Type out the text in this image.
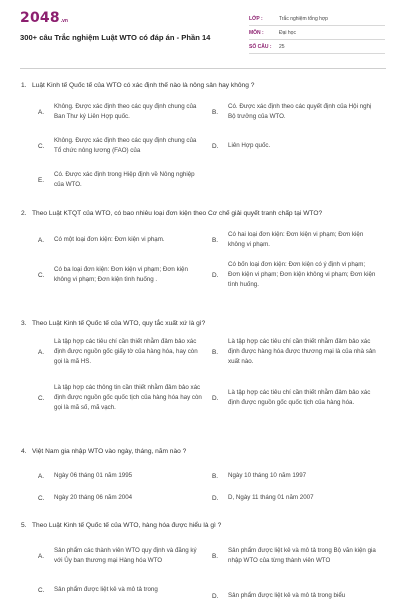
2048 .vn
300+ câu Trắc nghiệm Luật WTO có đáp án - Phần 14
LỚP :	Trắc nghiệm tổng hợp
MÔN :	Đại học
SỐ CÂU :	25
1. Luật Kinh tế Quốc tế của WTO có xác định thế nào là nông sản hay không ?
A.
Không. Được xác định theo các quy định chung của Ban Thư ký Liên Hợp quốc.
B.
Có. Được xác định theo các quyết định của Hội nghị Bộ trưởng của WTO.
C.
Không. Được xác định theo các quy định chung của Tổ chức nông lương (FAO) của
D.	Liên Hợp quốc.
E.
Có. Được xác định trong Hiệp định về Nông nghiệp của WTO.
2. Theo Luật KTQT của WTO, có bao nhiêu loại đơn kiện theo Cơ chế giải quyết tranh chấp tại WTO?
A.	Có một loại đơn kiện: Đơn kiện vi phạm.	B.
Có hai loại đơn kiện: Đơn kiện vi phạm; Đơn kiện không vi phạm.
C.
Có ba loại đơn kiện: Đơn kiện vi phạm; Đơn kiện không vi phạm; Đơn kiện tình huống .
D.
Có bốn loại đơn kiện: Đơn kiện có ý định vi phạm; Đơn kiện vi phạm; Đơn kiện không vi phạm; Đơn kiện tình huống.
3. Theo Luật Kinh tế Quốc tế của WTO, quy tắc xuất xứ là gì?
A.
Là tập hợp các tiêu chí cần thiết nhằm đảm bảo xác định được nguồn gốc giấy tờ của hàng hóa, hay còn gọi là mã HS.
B.
Là tập hợp các tiêu chí cần thiết nhằm đảm bảo xác định được hàng hóa được thương mại là của nhà sản xuất nào.
C.
Là tập hợp các thông tin cần thiết nhằm đảm bảo xác định được nguồn gốc quốc tịch của hàng hóa hay còn gọi là mã số, mã vạch.
D.
Là tập hợp các tiêu chí cần thiết nhằm đảm bảo xác định được nguồn gốc quốc tịch của hàng hóa.
4. Việt Nam gia nhập WTO vào ngày, tháng, năm nào ?
A.	Ngày 06 tháng 01 năm 1995	B.	Ngày 10 tháng 10 năm 1997
C.	Ngày 20 tháng 06 năm 2004	D.	D, Ngày 11 tháng 01 năm 2007
5. Theo Luật Kinh tế Quốc tế của WTO, hàng hóa được hiểu là gì ?
A.
Sản phẩm các thành viên WTO quy định và đăng ký với Ủy ban thương mại Hàng hóa WTO
B.
Sản phẩm được liệt kê và mô tả trong Bộ văn kiện gia nhập WTO của từng thành viên WTO
C.	Sản phẩm được liệt kê và mô tả trong
D.	Sản phẩm được liệt kê và mô tả trong biểu
